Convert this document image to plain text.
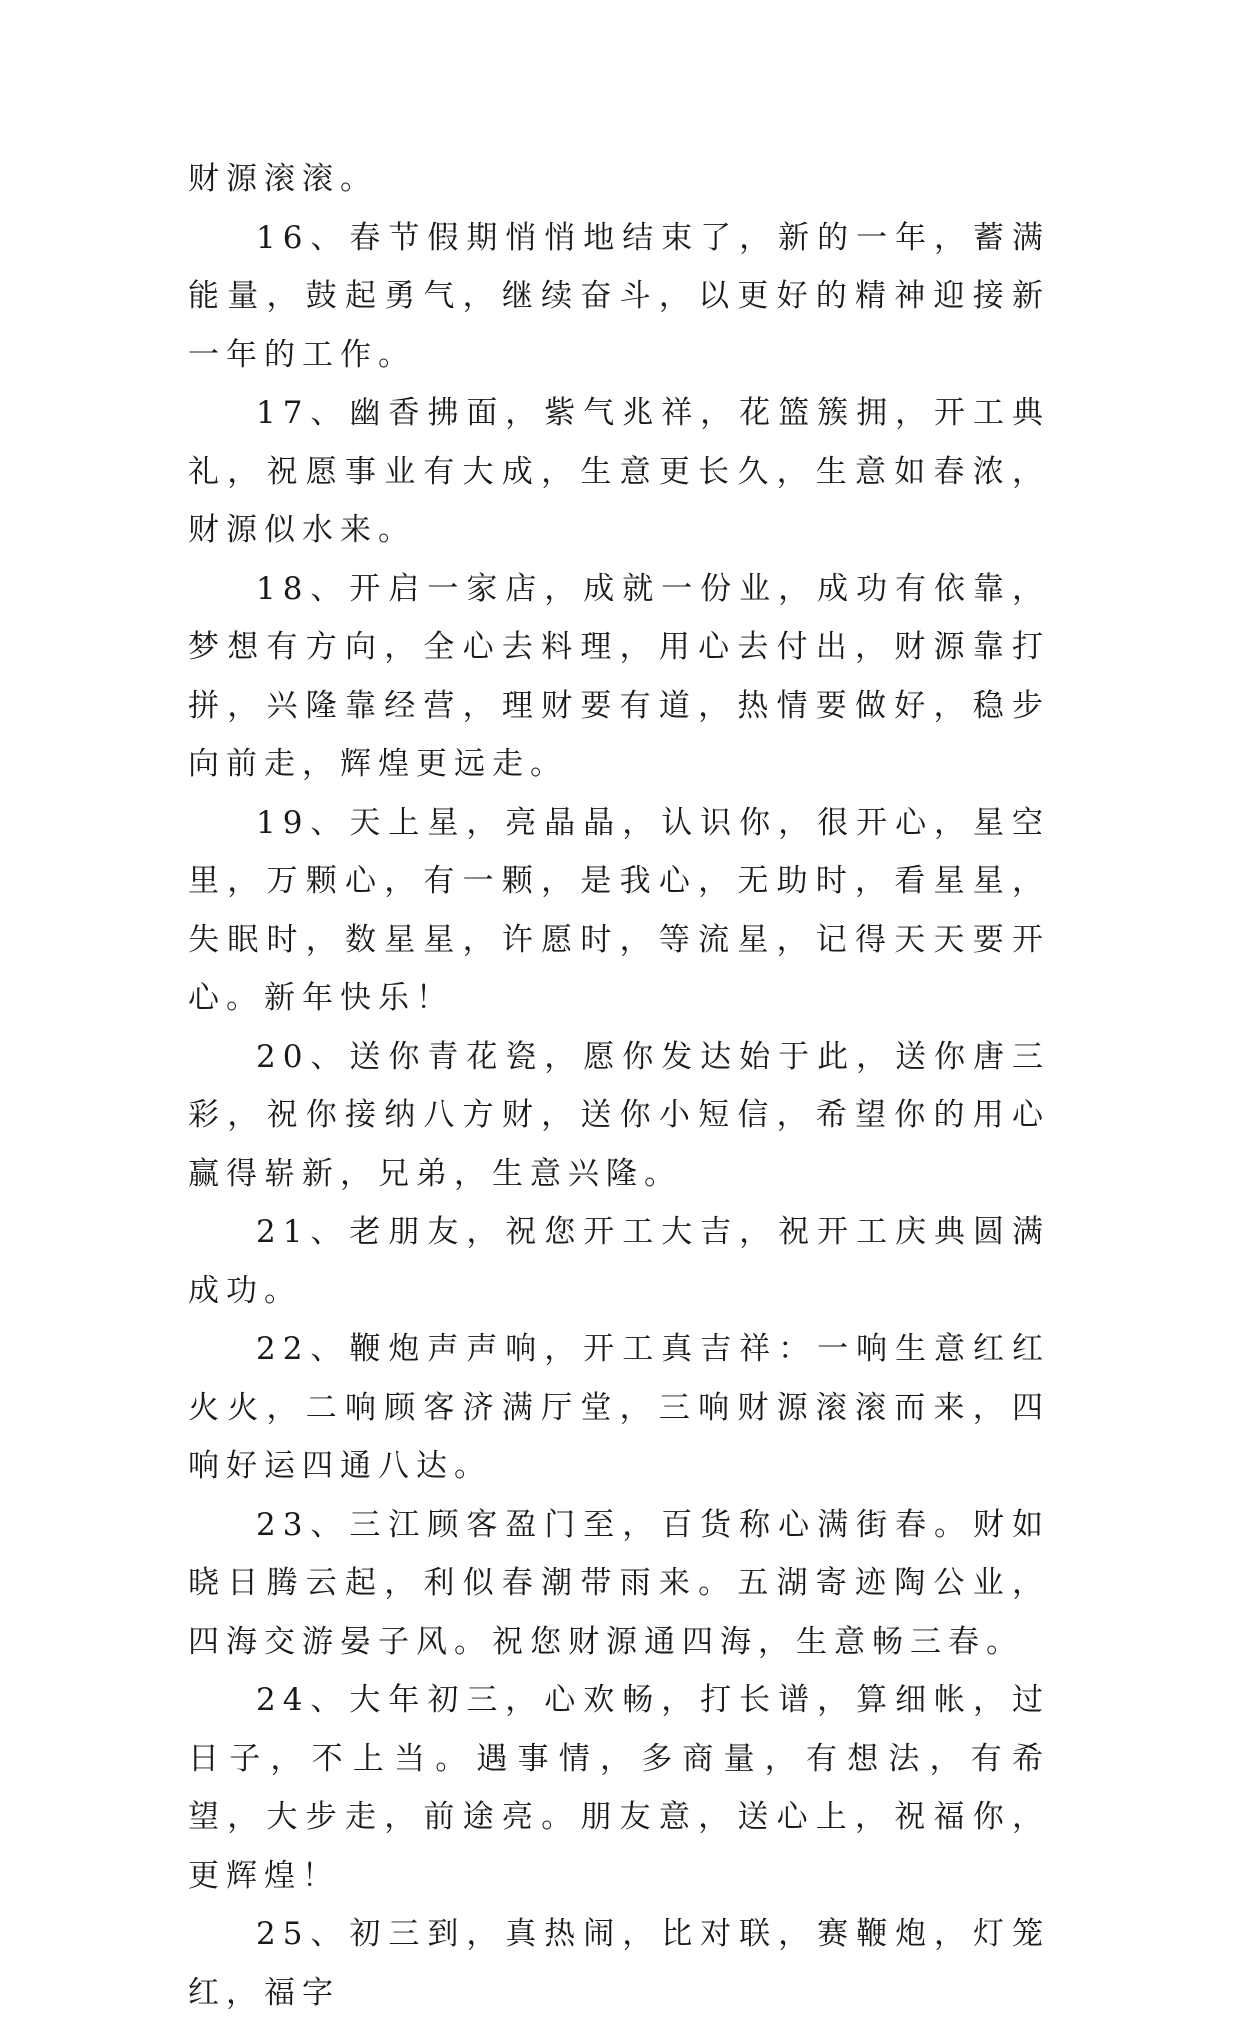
财源滚滚。

16、春节假期悄悄地结束了，新的一年，蓄满能量，鼓起勇气，继续奋斗，以更好的精神迎接新一年的工作。

17、幽香拂面，紫气兆祥，花篮簇拥，开工典礼，祝愿事业有大成，生意更长久，生意如春浓，财源似水来。

18、开启一家店，成就一份业，成功有依靠，梦想有方向，全心去料理，用心去付出，财源靠打拼，兴隆靠经营，理财要有道，热情要做好，稳步向前走，辉煌更远走。

19、天上星，亮晶晶，认识你，很开心，星空里，万颗心，有一颗，是我心，无助时，看星星，失眠时，数星星，许愿时，等流星，记得天天要开心。新年快乐！

20、送你青花瓷，愿你发达始于此，送你唐三彩，祝你接纳八方财，送你小短信，希望你的用心赢得崭新，兄弟，生意兴隆。

21、老朋友，祝您开工大吉，祝开工庆典圆满成功。

22、鞭炮声声响，开工真吉祥：一响生意红红火火，二响顾客济满厅堂，三响财源滚滚而来，四响好运四通八达。

23、三江顾客盈门至，百货称心满街春。财如晓日腾云起，利似春潮带雨来。五湖寄迹陶公业，四海交游晏子风。祝您财源通四海，生意畅三春。

24、大年初三，心欢畅，打长谱，算细帐，过日子，不上当。遇事情，多商量，有想法，有希望，大步走，前途亮。朋友意，送心上，祝福你，更辉煌！

25、初三到，真热闹，比对联，赛鞭炮，灯笼红，福字
